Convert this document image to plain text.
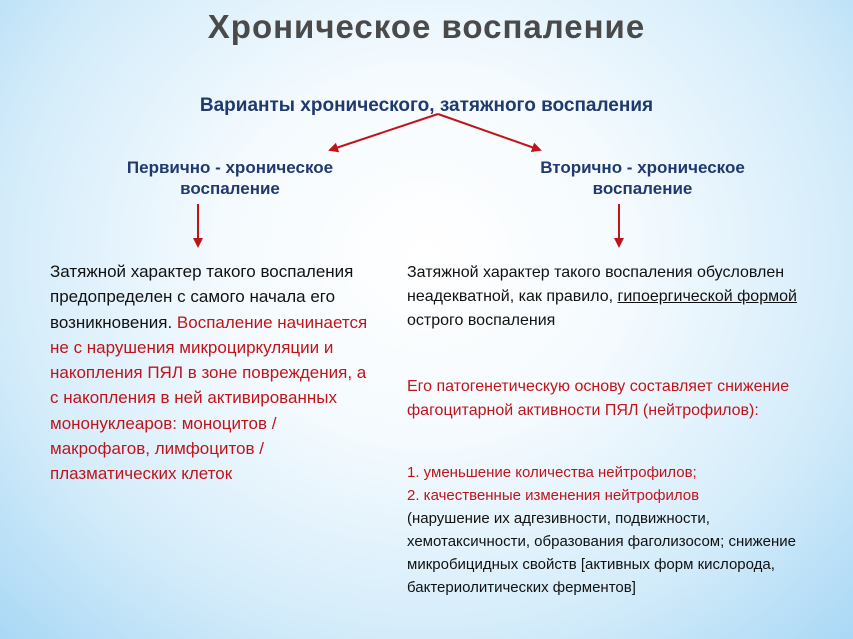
Хроническое воспаление
Варианты хронического, затяжного воспаления
Первично - хроническое воспаление
Вторично - хроническое воспаление
Затяжной характер такого воспаления предопределен с самого начала его возникновения. Воспаление начинается не с нарушения микроциркуляции и накопления ПЯЛ в зоне повреждения, а с накопления в ней активированных мононуклеаров: моноцитов / макрофагов, лимфоцитов /плазматических клеток
Затяжной характер такого воспаления обусловлен неадекватной, как правило, гипоергической формой острого воспаления
Его патогенетическую основу составляет снижение фагоцитарной активности ПЯЛ (нейтрофилов):
1. уменьшение количества нейтрофилов;
2. качественные изменения нейтрофилов
(нарушение их адгезивности, подвижности, хемотаксичности, образования фаголизосом; снижение микробицидных свойств [активных форм кислорода, бактериолитических ферментов]
